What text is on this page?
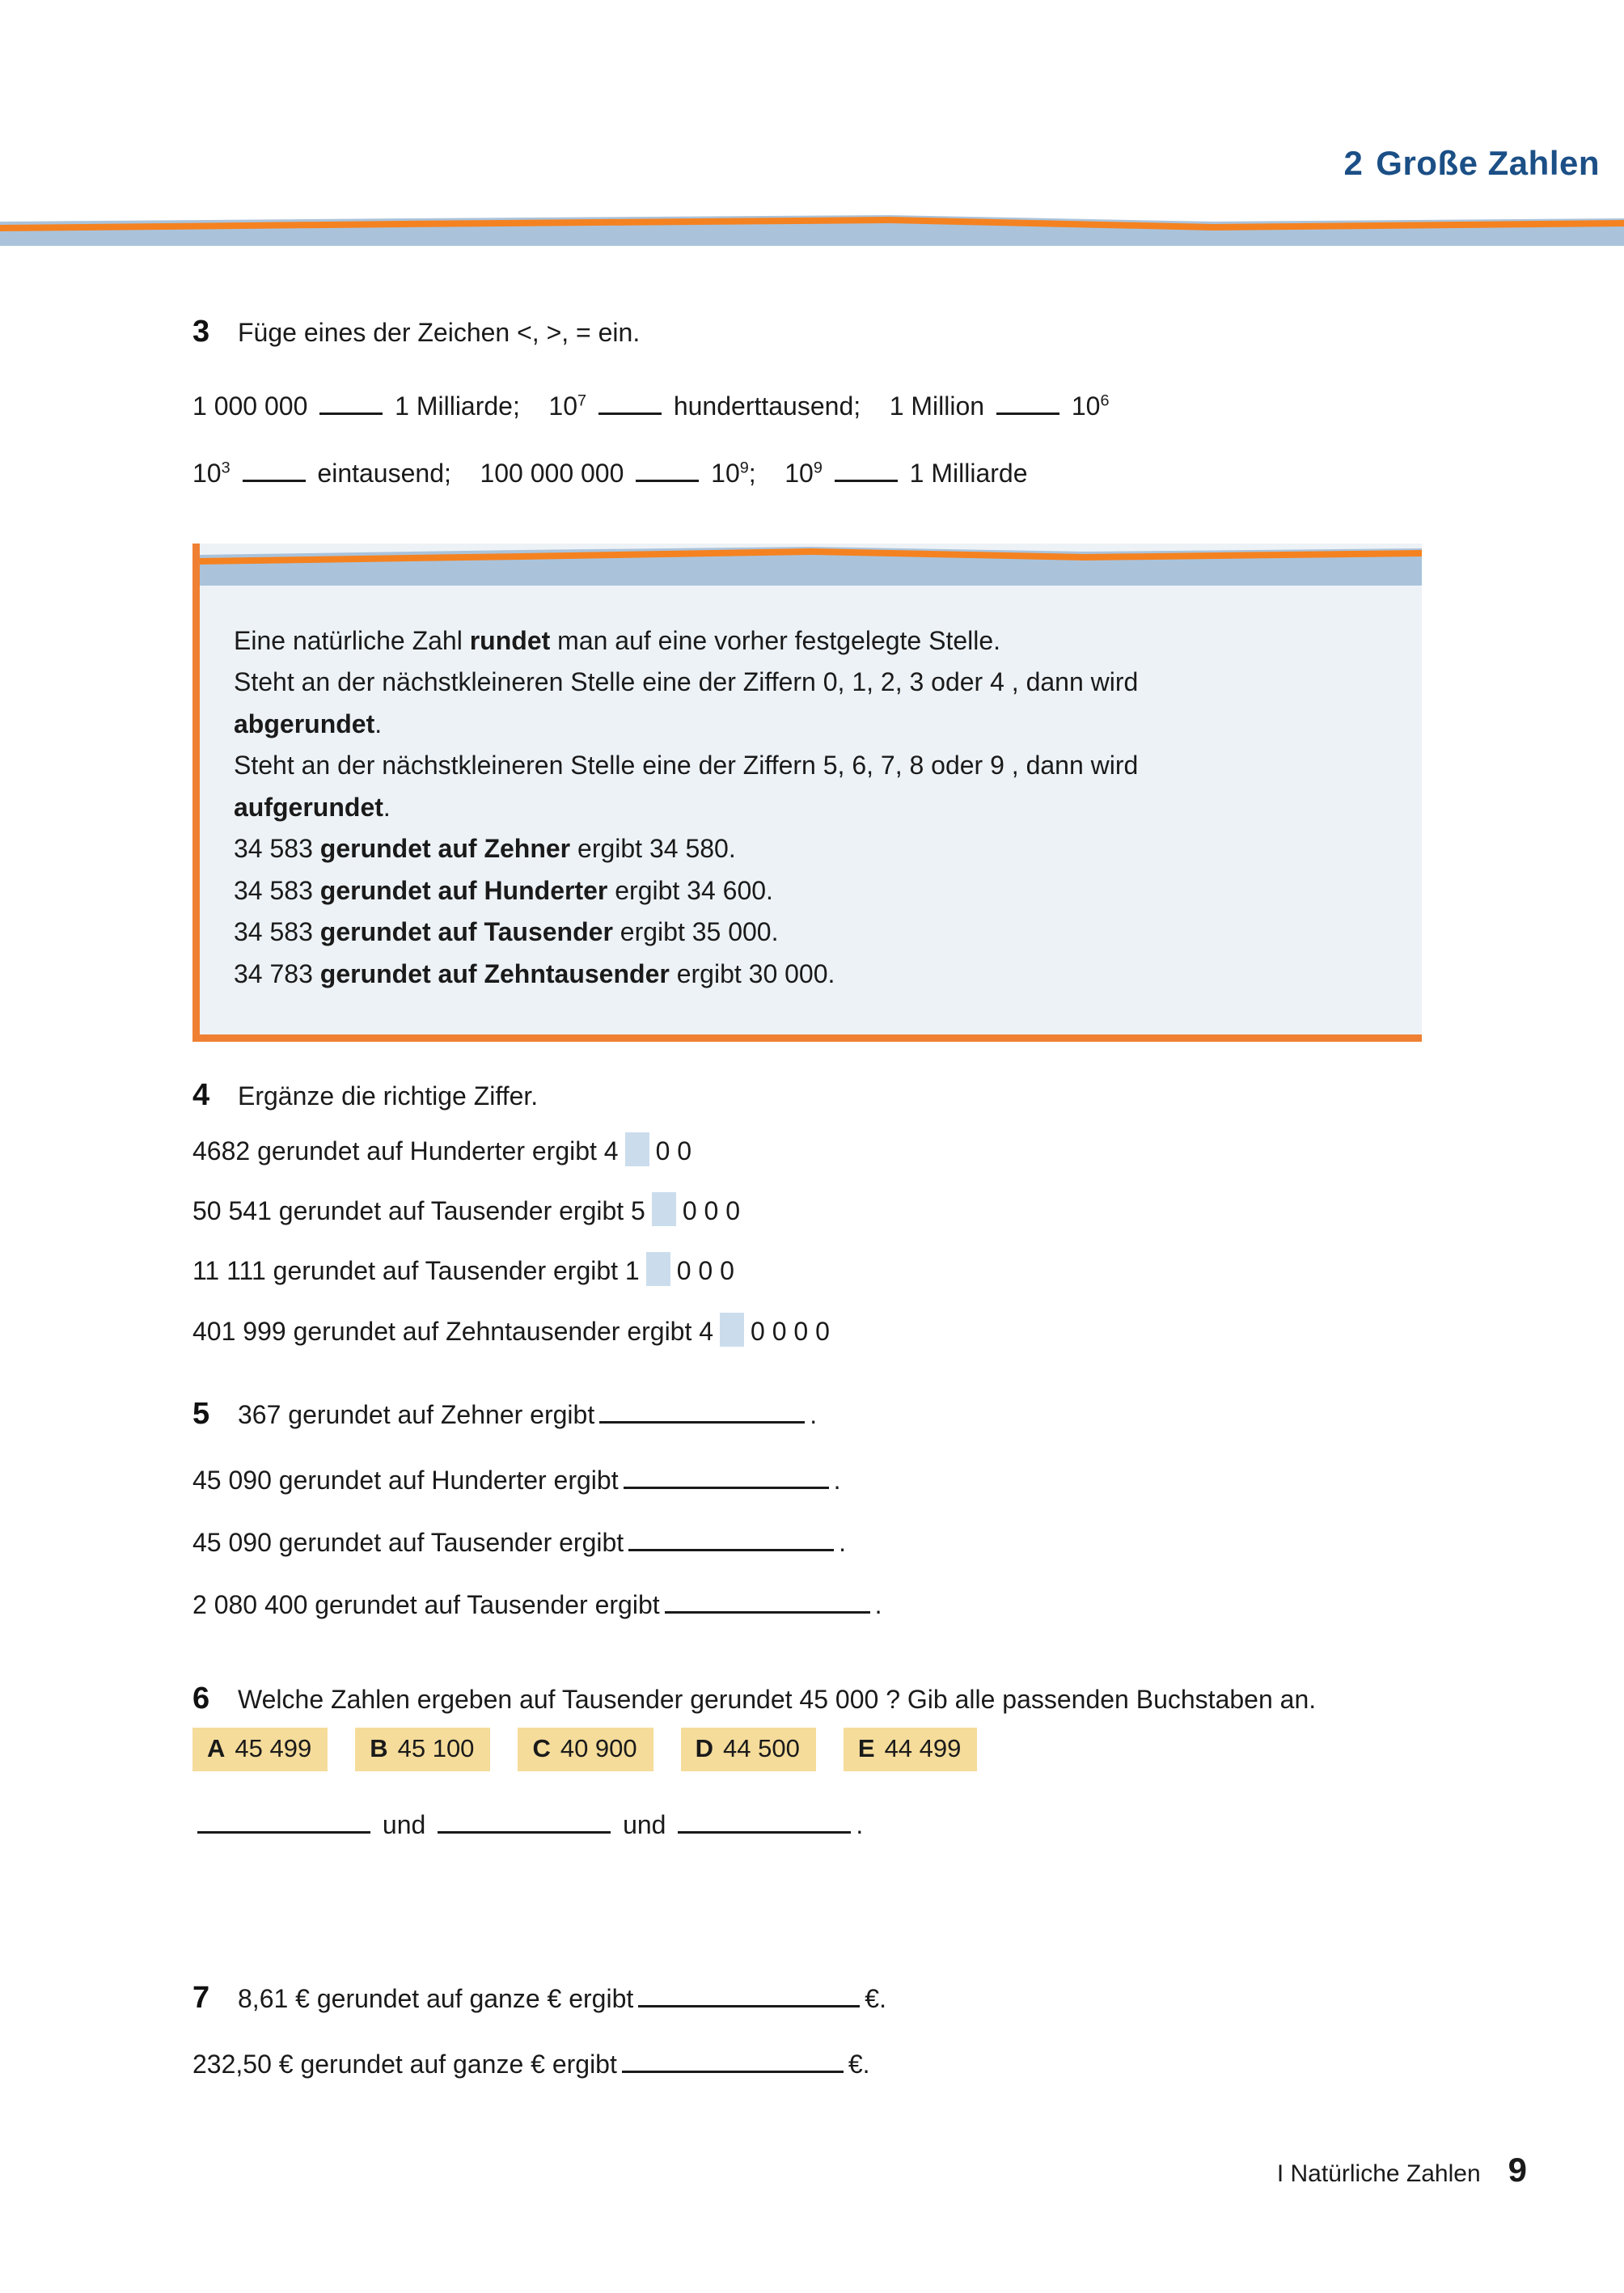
2 Große Zahlen
3 Füge eines der Zeichen <, >, = ein.
1 000 000	1 Milliarde; $10^7$	hunderttausend; 1 Million	$10^6$
$10^3$	eintausend; 100 000 000	$10^9$; $10^9$	1 Milliarde

Eine natürliche Zahl rundet man auf eine vorher festgelegte Stelle.

Steht an der nächstkleineren Stelle eine der Ziffern 0, 1, 2, 3 oder 4 , dann wird

abgerundet.

Steht an der nächstkleineren Stelle eine der Ziffern 5, 6, 7, 8 oder 9 , dann wird

aufgerundet.

34 583 gerundet auf Zehner ergibt 34 580.

34 583 gerundet auf Hunderter ergibt 34 600.

34 583 gerundet auf Tausender ergibt 35 000.

34 783 gerundet auf Zehntausender ergibt 30 000.

4 Ergänze die richtige Ziffer.
4682 gerundet auf Hunderter ergibt 4 0 0
50 541 gerundet auf Tausender ergibt 5 0 0 0
11 111 gerundet auf Tausender ergibt 1 0 0 0
401 999 gerundet auf Zehntausender ergibt 4 0 0 0 0
5 367 gerundet auf Zehner ergibt	.
45 090 gerundet auf Hunderter ergibt	.
45 090 gerundet auf Tausender ergibt	.
2 080 400 gerundet auf Tausender ergibt	.
6 Welche Zahlen ergeben auf Tausender gerundet 45 000 ? Gib alle passenden Buchstaben an.
A 45 499	B 45 100	C 40 900	D 44 500	E 44 499
und	und	.
7 8,61 € gerundet auf ganze € ergibt	€.
232,50 € gerundet auf ganze € ergibt	€.
I Natürliche Zahlen 9
